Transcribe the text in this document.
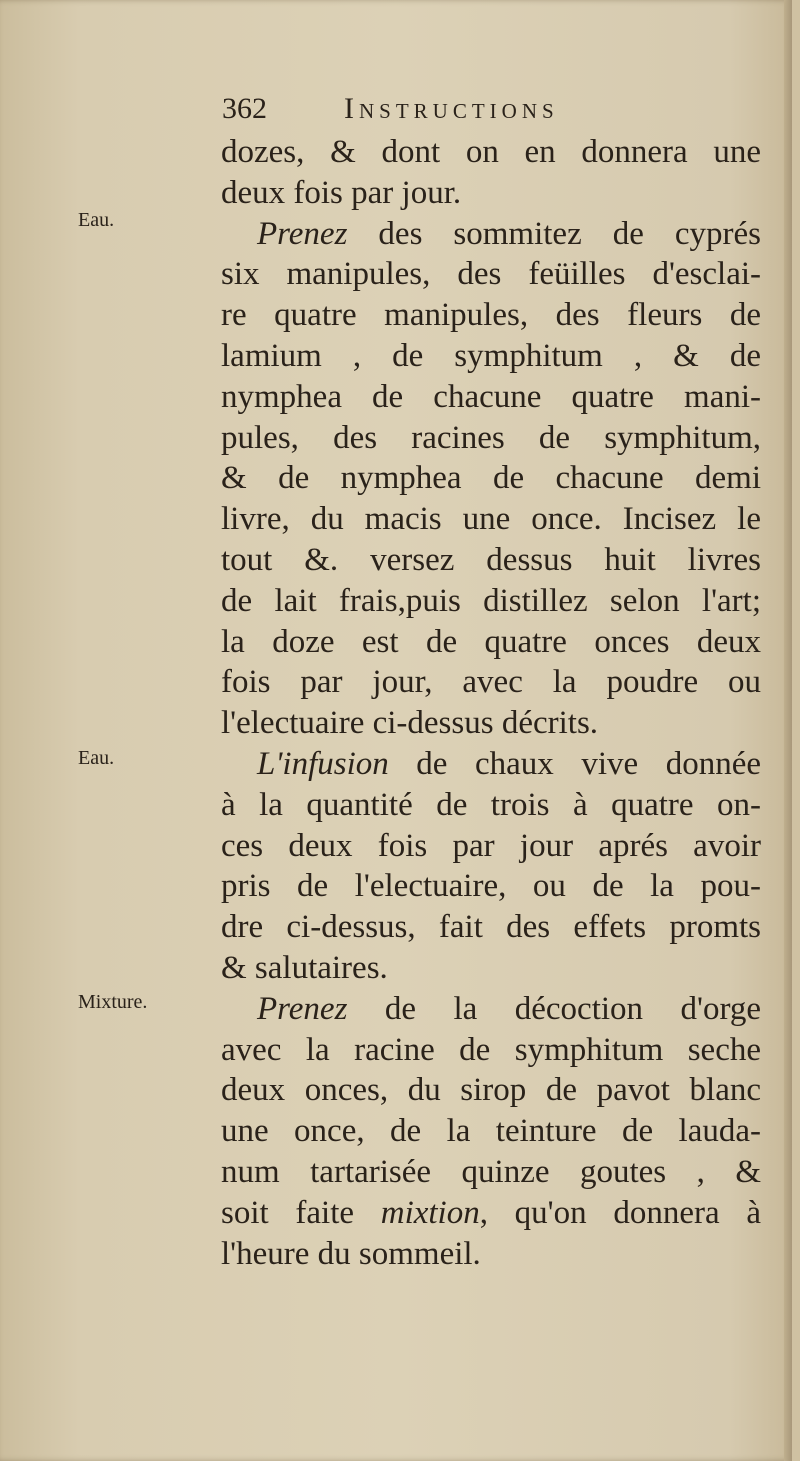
362	Instructions
Eau.
Eau.
Mixture.
dozes, & dont on en donnera une
deux fois par jour.
Prenez des sommitez de cyprés
six manipules, des feüilles d'esclai-
re quatre manipules, des fleurs de
lamium , de symphitum , & de
nymphea de chacune quatre mani-
pules, des racines de symphitum,
& de nymphea de chacune demi
livre, du macis une once. Incisez le
tout &. versez dessus huit livres
de lait frais,puis distillez selon l'art;
la doze est de quatre onces deux
fois par jour, avec la poudre ou
l'electuaire ci-dessus décrits.
L'infusion de chaux vive donnée
à la quantité de trois à quatre on-
ces deux fois par jour aprés avoir
pris de l'electuaire, ou de la pou-
dre ci-dessus, fait des effets promts
& salutaires.
Prenez de la décoction d'orge
avec la racine de symphitum seche
deux onces, du sirop de pavot blanc
une once, de la teinture de lauda-
num tartarisée quinze goutes , &
soit faite mixtion, qu'on donnera à
l'heure du sommeil.
